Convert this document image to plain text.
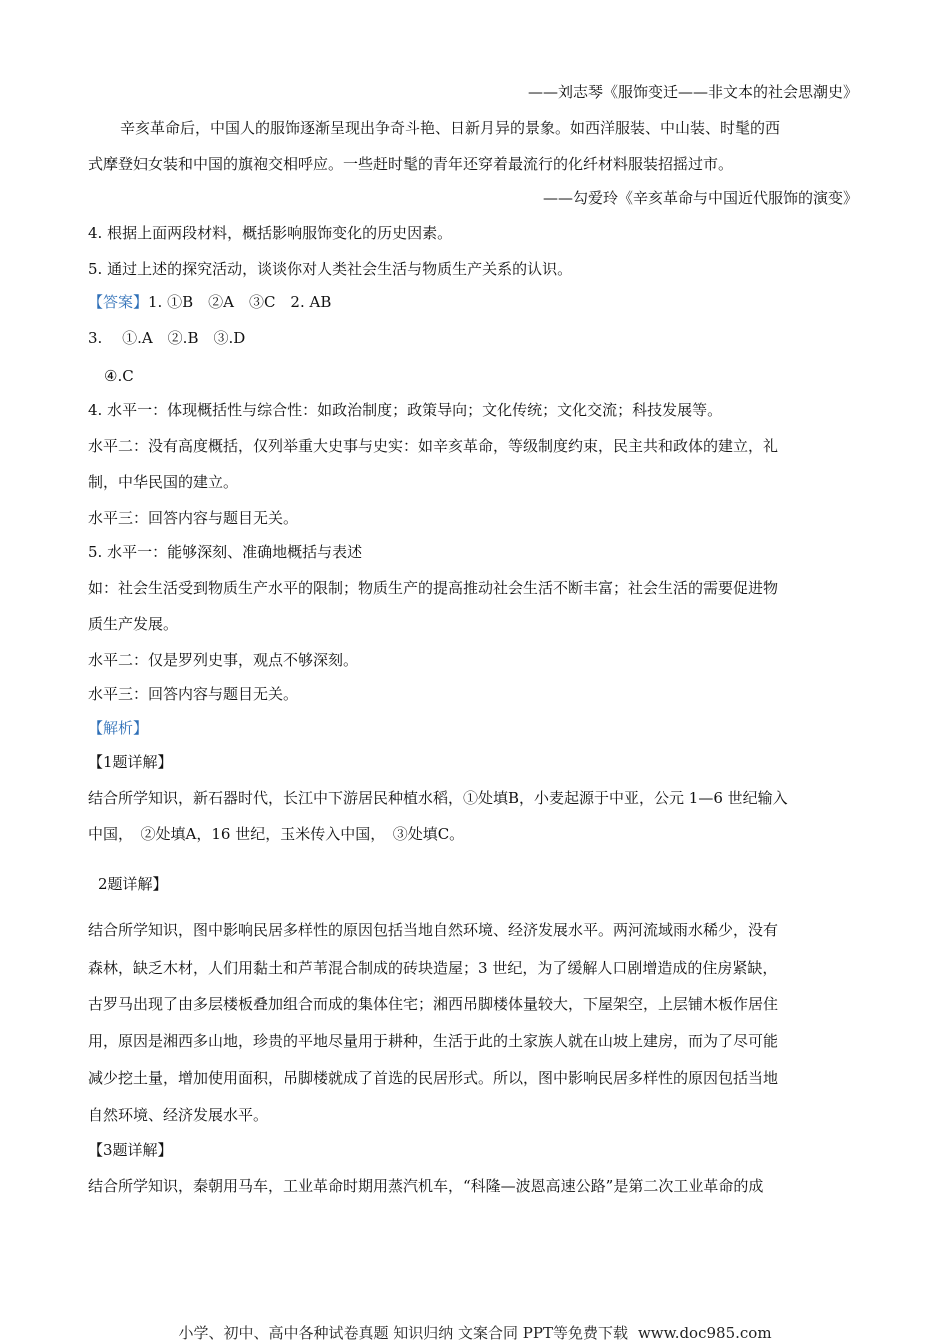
——刘志琴《服饰变迁——非文本的社会思潮史》
辛亥革命后，中国人的服饰逐渐呈现出争奇斗艳、日新月异的景象。如西洋服装、中山装、时髦的西
式摩登妇女装和中国的旗袍交相呼应。一些赶时髦的青年还穿着最流行的化纤材料服装招摇过市。
——勾爱玲《辛亥革命与中国近代服饰的演变》
4. 根据上面两段材料，概括影响服饰变化的历史因素。
5. 通过上述的探究活动，谈谈你对人类社会生活与物质生产关系的认识。
【答案】1. ①B　②A　③C　2. AB
3.　 ①.A　②.B　③.D
④.C
4. 水平一：体现概括性与综合性：如政治制度；政策导向；文化传统；文化交流；科技发展等。
水平二：没有高度概括，仅列举重大史事与史实：如辛亥革命，等级制度约束，民主共和政体的建立，礼
制，中华民国的建立。
水平三：回答内容与题目无关。
5. 水平一：能够深刻、准确地概括与表述
如：社会生活受到物质生产水平的限制；物质生产的提高推动社会生活不断丰富；社会生活的需要促进物
质生产发展。
水平二：仅是罗列史事，观点不够深刻。
水平三：回答内容与题目无关。
【解析】
【1题详解】
结合所学知识，新石器时代，长江中下游居民种植水稻，①处填B，小麦起源于中亚，公元 1—6 世纪输入
中国，　②处填A，16 世纪，玉米传入中国，　③处填C。
2题详解】
结合所学知识，图中影响民居多样性的原因包括当地自然环境、经济发展水平。两河流域雨水稀少，没有
森林，缺乏木材，人们用黏土和芦苇混合制成的砖块造屋；3 世纪，为了缓解人口剧增造成的住房紧缺，
古罗马出现了由多层楼板叠加组合而成的集体住宅；湘西吊脚楼体量较大，下屋架空，上层铺木板作居住
用，原因是湘西多山地，珍贵的平地尽量用于耕种，生活于此的土家族人就在山坡上建房，而为了尽可能
减少挖土量，增加使用面积，吊脚楼就成了首选的民居形式。所以，图中影响民居多样性的原因包括当地
自然环境、经济发展水平。
【3题详解】
结合所学知识，秦朝用马车，工业革命时期用蒸汽机车，“科隆—波恩高速公路”是第二次工业革命的成
小学、初中、高中各种试卷真题 知识归纳 文案合同 PPT等免费下载 www.doc985.com
